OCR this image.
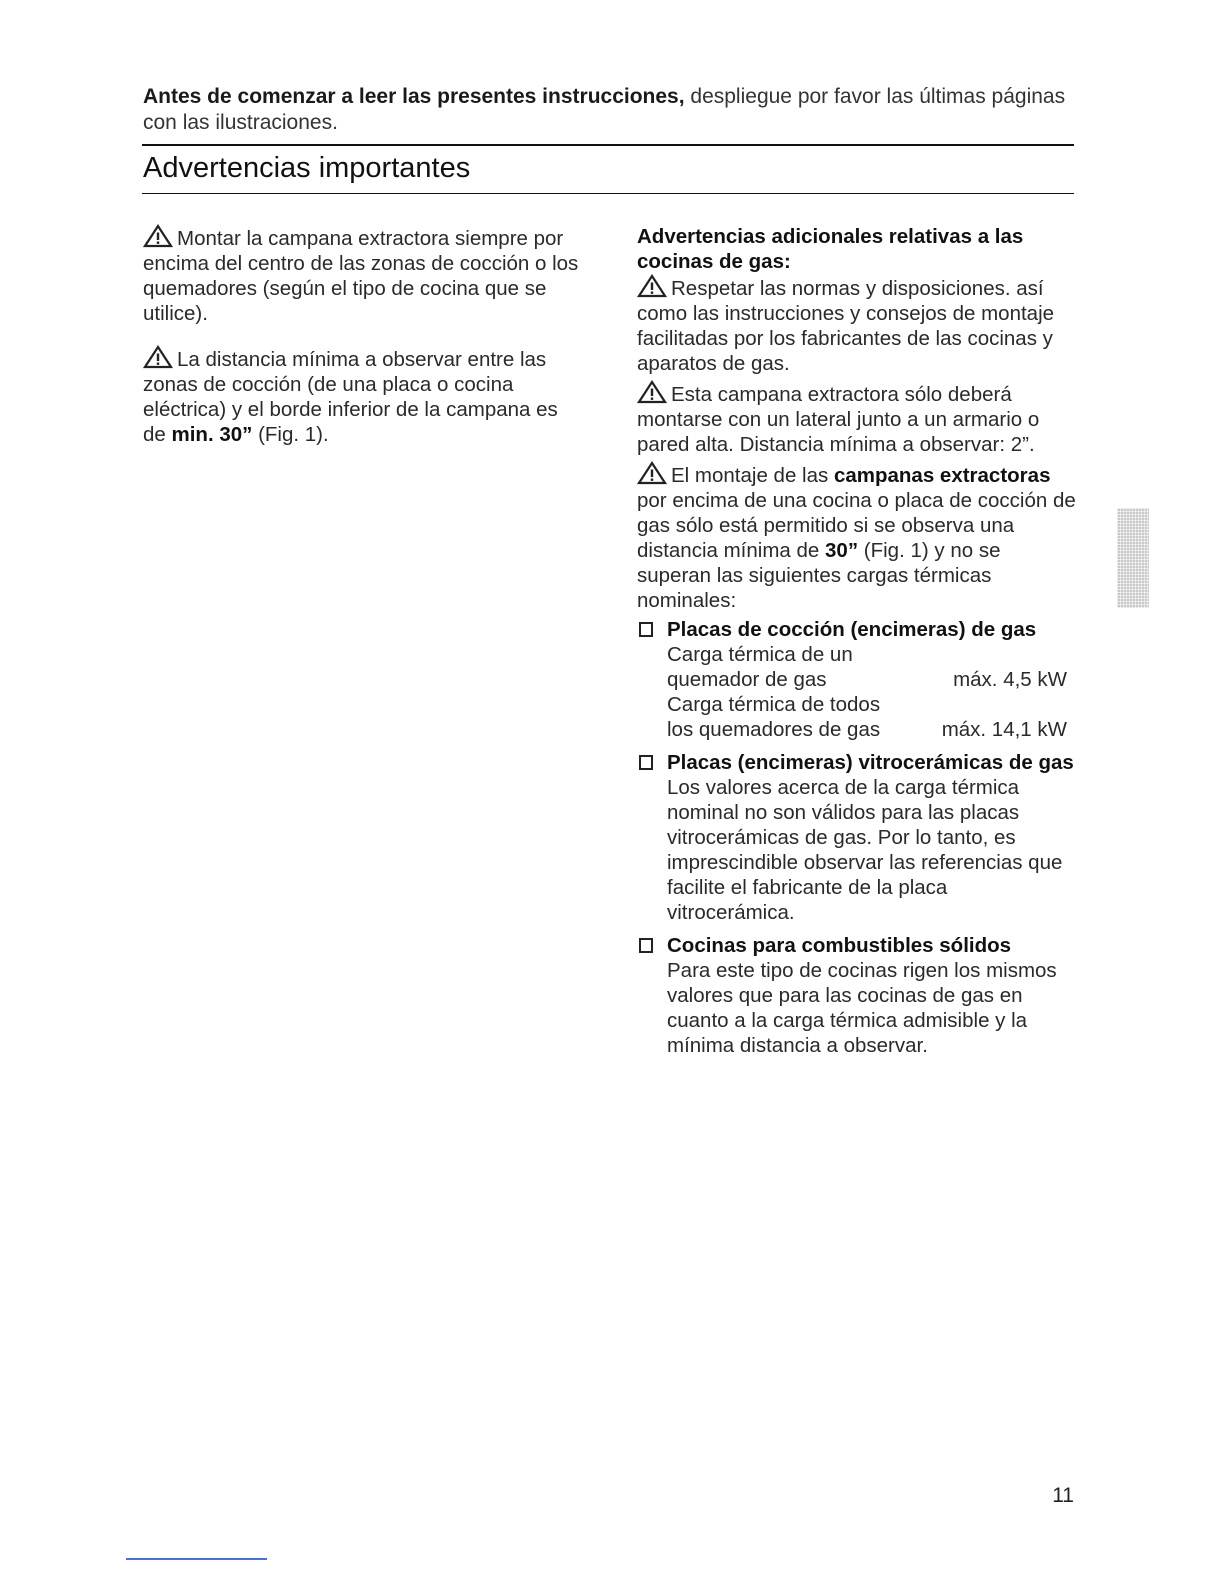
Antes de comenzar a leer las presentes instrucciones, despliegue por favor las últimas páginas con las ilustraciones.
Advertencias importantes

Montar la campana extractora siempre por encima del centro de las zonas de cocción o los quemadores (según el tipo de cocina que se utilice).

La distancia mínima a observar entre las zonas de cocción (de una placa o cocina eléctrica) y el borde inferior de la campana es de min. 30” (Fig. 1).

Advertencias adicionales relativas a las cocinas de gas:

Respetar las normas y disposiciones. así como las instrucciones y consejos de montaje facilitadas por los fabricantes de las cocinas y aparatos de gas.

Esta campana extractora sólo deberá montarse con un lateral junto a un armario o pared alta. Distancia mínima a observar: 2”.

El montaje de las campanas extractoras por encima de una cocina o placa de cocción de gas sólo está permitido si se observa una distancia mínima de 30” (Fig. 1) y no se superan las siguientes cargas térmicas nominales:

Placas de cocción (encimeras) de gas
Carga térmica de un
quemador de gas	máx. 4,5 kW
Carga térmica de todos
los quemadores de gas	máx. 14,1 kW
Placas (encimeras) vitrocerámicas de gas
Los valores acerca de la carga térmica nominal no son válidos para las placas vitrocerámicas de gas. Por lo tanto, es imprescindible observar las referencias que facilite el fabricante de la placa vitrocerámica.
Cocinas para combustibles sólidos
Para este tipo de cocinas rigen los mismos valores que para las cocinas de gas en cuanto a la carga térmica admisible y la mínima distancia a observar.
11
